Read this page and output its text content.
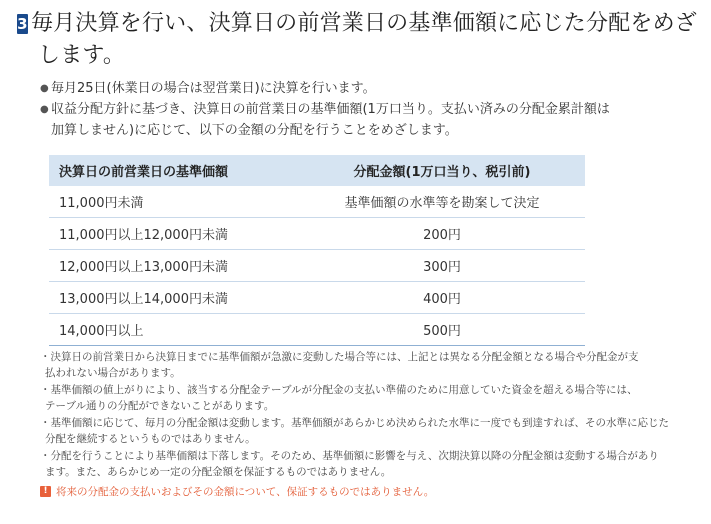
3 毎月決算を行い、決算日の前営業日の基準価額に応じた分配をめざ
します。
● 毎月25日(休業日の場合は翌営業日)に決算を行います。
● 収益分配方針に基づき、決算日の前営業日の基準価額(1万口当り。支払い済みの分配金累計額は
加算しません)に応じて、以下の金額の分配を行うことをめざします。
決算日の前営業日の基準価額	分配金額(1万口当り、税引前)
11,000円未満	基準価額の水準等を勘案して決定
11,000円以上12,000円未満	200円
12,000円以上13,000円未満	300円
13,000円以上14,000円未満	400円
14,000円以上	500円
・決算日の前営業日から決算日までに基準価額が急激に変動した場合等には、上記とは異なる分配金額となる場合や分配金が支
払われない場合があります。
・基準価額の値上がりにより、該当する分配金テーブルが分配金の支払い準備のために用意していた資金を超える場合等には、
テーブル通りの分配ができないことがあります。
・基準価額に応じて、毎月の分配金額は変動します。基準価額があらかじめ決められた水準に一度でも到達すれば、その水準に応じた
分配を継続するというものではありません。
・分配を行うことにより基準価額は下落します。そのため、基準価額に影響を与え、次期決算以降の分配金額は変動する場合があり
ます。また、あらかじめ一定の分配金額を保証するものではありません。
! 将来の分配金の支払いおよびその金額について、保証するものではありません。
